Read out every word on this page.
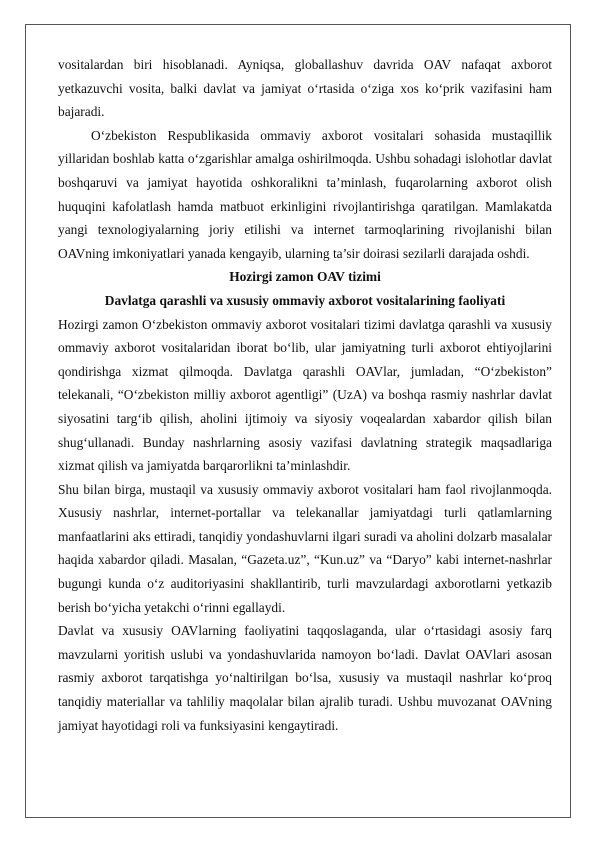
vositalardan biri hisoblanadi. Ayniqsa, globallashuv davrida OAV nafaqat axborot yetkazuvchi vosita, balki davlat va jamiyat o‘rtasida o‘ziga xos ko‘prik vazifasini ham bajaradi.

O‘zbekiston Respublikasida ommaviy axborot vositalari sohasida mustaqillik yillaridan boshlab katta o‘zgarishlar amalga oshirilmoqda. Ushbu sohadagi islohotlar davlat boshqaruvi va jamiyat hayotida oshkoralikni ta’minlash, fuqarolarning axborot olish huquqini kafolatlash hamda matbuot erkinligini rivojlantirishga qaratilgan. Mamlakatda yangi texnologiyalarning joriy etilishi va internet tarmoqlarining rivojlanishi bilan OAVning imkoniyatlari yanada kengayib, ularning ta’sir doirasi sezilarli darajada oshdi.

Hozirgi zamon OAV tizimi

Davlatga qarashli va xususiy ommaviy axborot vositalarining faoliyati

Hozirgi zamon O‘zbekiston ommaviy axborot vositalari tizimi davlatga qarashli va xususiy ommaviy axborot vositalaridan iborat bo‘lib, ular jamiyatning turli axborot ehtiyojlarini qondirishga xizmat qilmoqda. Davlatga qarashli OAVlar, jumladan, “O‘zbekiston” telekanali, “O‘zbekiston milliy axborot agentligi” (UzA) va boshqa rasmiy nashrlar davlat siyosatini targ‘ib qilish, aholini ijtimoiy va siyosiy voqealardan xabardor qilish bilan shug‘ullanadi. Bunday nashrlarning asosiy vazifasi davlatning strategik maqsadlariga xizmat qilish va jamiyatda barqarorlikni ta’minlashdir.

Shu bilan birga, mustaqil va xususiy ommaviy axborot vositalari ham faol rivojlanmoqda. Xususiy nashrlar, internet-portallar va telekanallar jamiyatdagi turli qatlamlarning manfaatlarini aks ettiradi, tanqidiy yondashuvlarni ilgari suradi va aholini dolzarb masalalar haqida xabardor qiladi. Masalan, “Gazeta.uz”, “Kun.uz” va “Daryo” kabi internet-nashrlar bugungi kunda o‘z auditoriyasini shakllantirib, turli mavzulardagi axborotlarni yetkazib berish bo‘yicha yetakchi o‘rinni egallaydi.

Davlat va xususiy OAVlarning faoliyatini taqqoslaganda, ular o‘rtasidagi asosiy farq mavzularni yoritish uslubi va yondashuvlarida namoyon bo‘ladi. Davlat OAVlari asosan rasmiy axborot tarqatishga yo‘naltirilgan bo‘lsa, xususiy va mustaqil nashrlar ko‘proq tanqidiy materiallar va tahliliy maqolalar bilan ajralib turadi. Ushbu muvozanat OAVning jamiyat hayotidagi roli va funksiyasini kengaytiradi.
